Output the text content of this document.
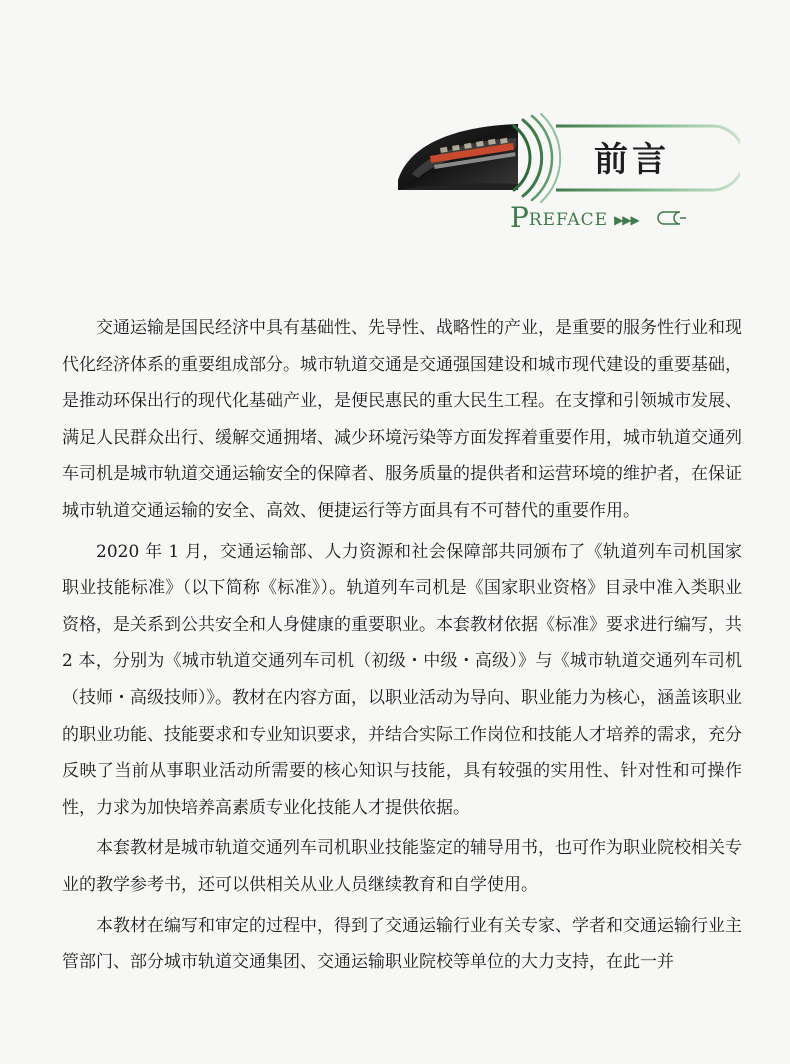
前言
P REFACE ▶▶▶

交通运输是国民经济中具有基础性、先导性、战略性的产业，是重要的服务性行业和现代化经济体系的重要组成部分。城市轨道交通是交通强国建设和城市现代建设的重要基础，是推动环保出行的现代化基础产业，是便民惠民的重大民生工程。在支撑和引领城市发展、满足人民群众出行、缓解交通拥堵、减少环境污染等方面发挥着重要作用，城市轨道交通列车司机是城市轨道交通运输安全的保障者、服务质量的提供者和运营环境的维护者，在保证城市轨道交通运输的安全、高效、便捷运行等方面具有不可替代的重要作用。

2020 年 1 月，交通运输部、人力资源和社会保障部共同颁布了《轨道列车司机国家职业技能标准》（以下简称《标准》）。轨道列车司机是《国家职业资格》目录中准入类职业资格，是关系到公共安全和人身健康的重要职业。本套教材依据《标准》要求进行编写，共 2 本，分别为《城市轨道交通列车司机（初级・中级・高级）》与《城市轨道交通列车司机（技师・高级技师）》。教材在内容方面，以职业活动为导向、职业能力为核心，涵盖该职业的职业功能、技能要求和专业知识要求，并结合实际工作岗位和技能人才培养的需求，充分反映了当前从事职业活动所需要的核心知识与技能，具有较强的实用性、针对性和可操作性，力求为加快培养高素质专业化技能人才提供依据。

本套教材是城市轨道交通列车司机职业技能鉴定的辅导用书，也可作为职业院校相关专业的教学参考书，还可以供相关从业人员继续教育和自学使用。

本教材在编写和审定的过程中，得到了交通运输行业有关专家、学者和交通运输行业主管部门、部分城市轨道交通集团、交通运输职业院校等单位的大力支持，在此一并
